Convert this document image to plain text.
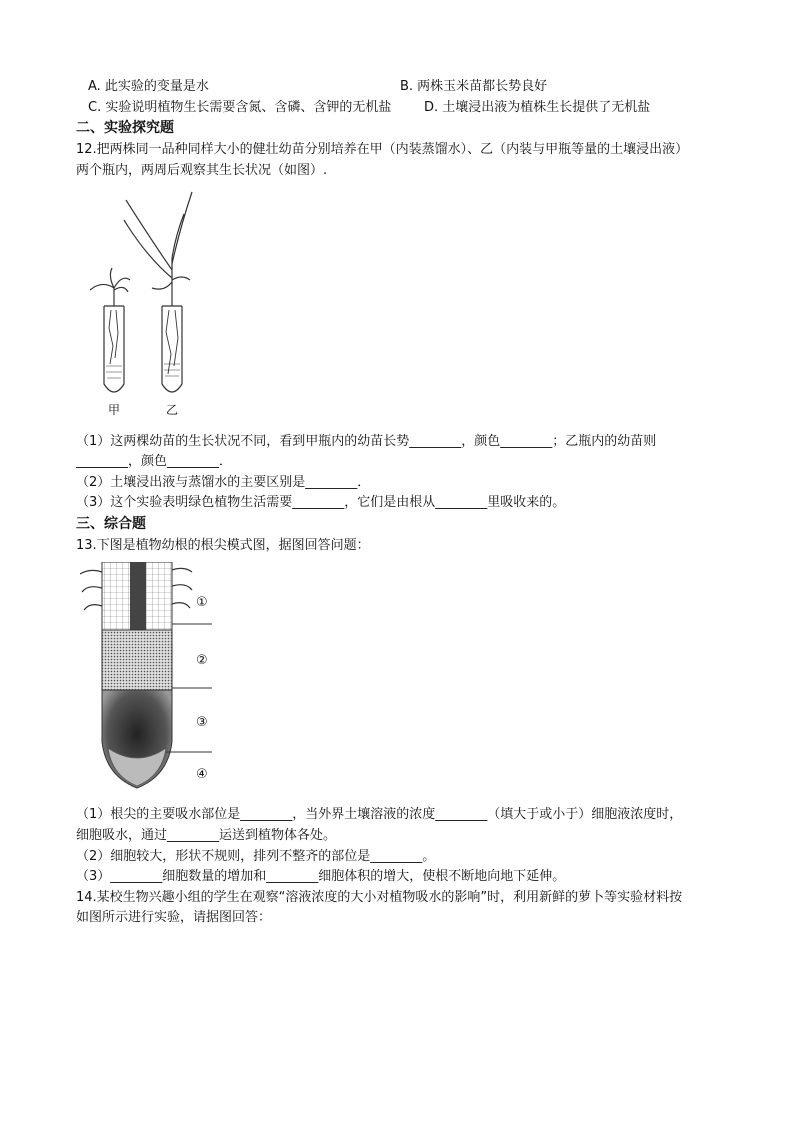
A. 此实验的变量是水	B. 两株玉米苗都长势良好
C. 实验说明植物生长需要含氮、含磷、含钾的无机盐	D. 土壤浸出液为植株生长提供了无机盐
二、实验探究题
12.把两株同一品种同样大小的健壮幼苗分别培养在甲（内装蒸馏水）、乙（内装与甲瓶等量的土壤浸出液）
两个瓶内，两周后观察其生长状况（如图）.
甲	乙
（1）这两棵幼苗的生长状况不同，看到甲瓶内的幼苗长势________，颜色________；乙瓶内的幼苗则
________，颜色________．
（2）土壤浸出液与蒸馏水的主要区别是________．
（3）这个实验表明绿色植物生活需要________，它们是由根从________里吸收来的。
三、综合题
13.下图是植物幼根的根尖模式图，据图回答问题：
①
②
③
④
（1）根尖的主要吸水部位是________，当外界土壤溶液的浓度________（填大于或小于）细胞液浓度时，
细胞吸水，通过________运送到植物体各处。
（2）细胞较大，形状不规则，排列不整齐的部位是________。
（3）________细胞数量的增加和________细胞体积的增大，使根不断地向地下延伸。
14.某校生物兴趣小组的学生在观察“溶液浓度的大小对植物吸水的影响”时，利用新鲜的萝卜等实验材料按
如图所示进行实验，请据图回答：
